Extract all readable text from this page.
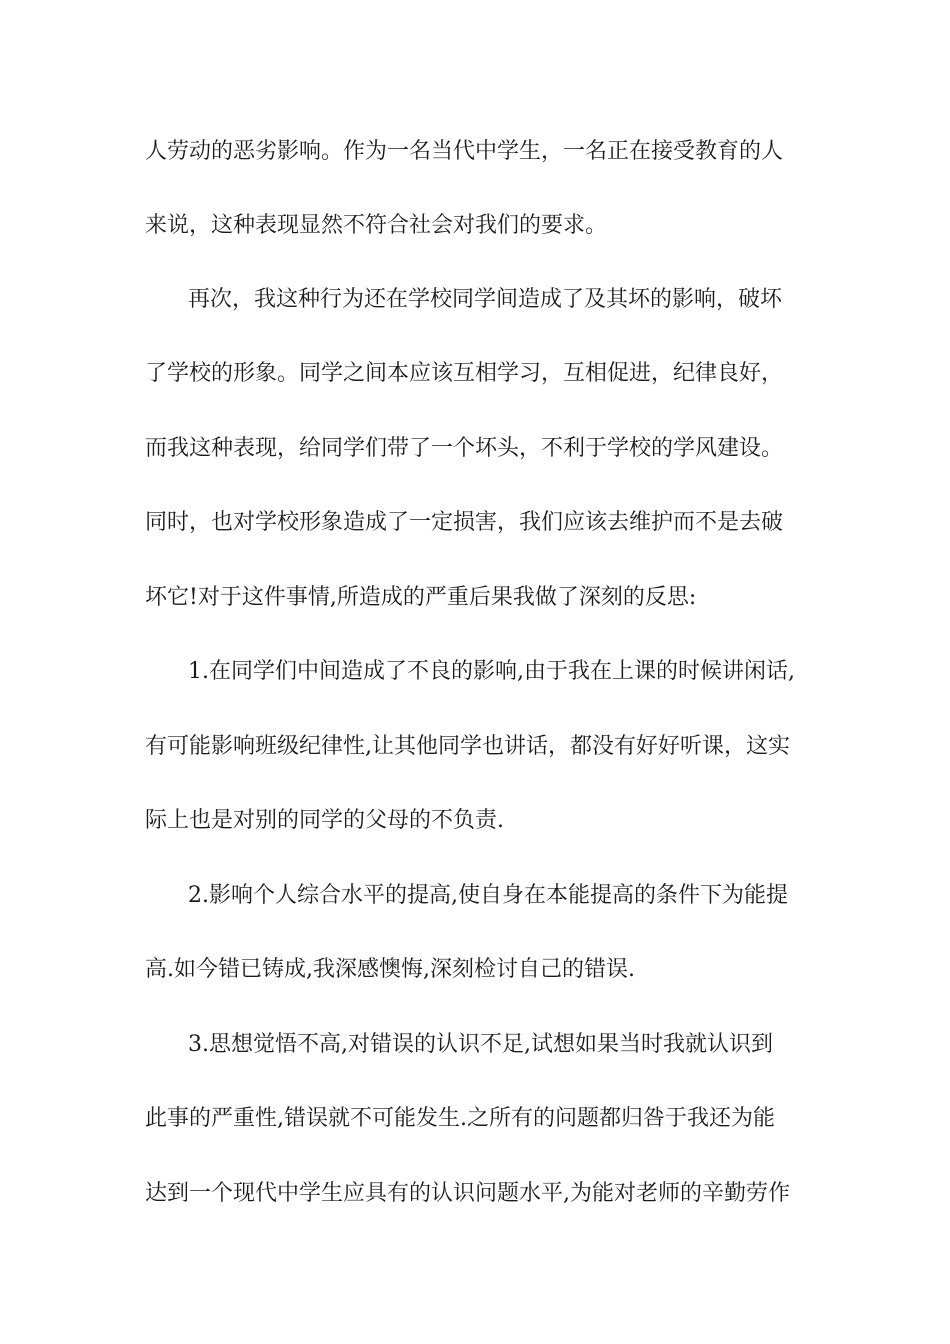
人劳动的恶劣影响。作为一名当代中学生，一名正在接受教育的人
来说，这种表现显然不符合社会对我们的要求。
再次，我这种行为还在学校同学间造成了及其坏的影响，破坏
了学校的形象。同学之间本应该互相学习，互相促进，纪律良好，
而我这种表现，给同学们带了一个坏头，不利于学校的学风建设。
同时，也对学校形象造成了一定损害，我们应该去维护而不是去破
坏它!对于这件事情,所造成的严重后果我做了深刻的反思:
1.在同学们中间造成了不良的影响,由于我在上课的时候讲闲话,
有可能影响班级纪律性,让其他同学也讲话，都没有好好听课，这实
际上也是对别的同学的父母的不负责.
2.影响个人综合水平的提高,使自身在本能提高的条件下为能提
高.如今错已铸成,我深感懊悔,深刻检讨自己的错误.
3.思想觉悟不高,对错误的认识不足,试想如果当时我就认识到
此事的严重性,错误就不可能发生.之所有的问题都归咎于我还为能
达到一个现代中学生应具有的认识问题水平,为能对老师的辛勤劳作
